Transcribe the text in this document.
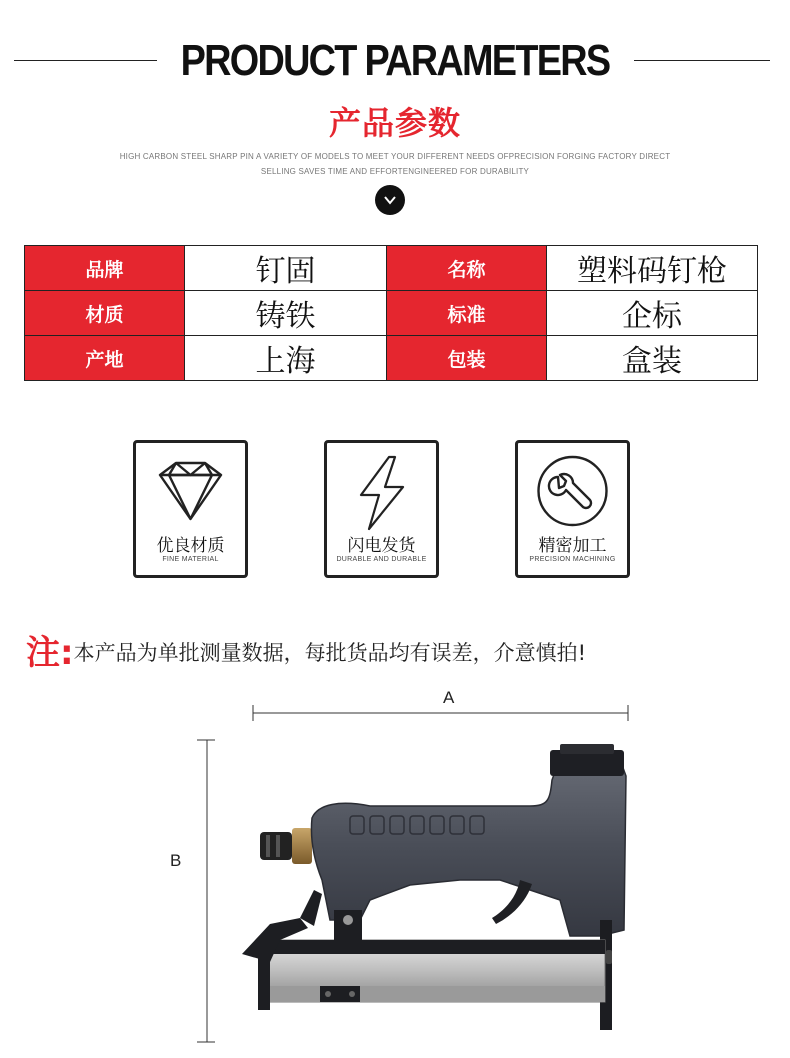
PRODUCT PARAMETERS
产品参数
HIGH CARBON STEEL SHARP PIN A VARIETY OF MODELS TO MEET YOUR DIFFERENT NEEDS OFPRECISION FORGING FACTORY DIRECT
SELLING SAVES TIME AND EFFORTENGINEERED FOR DURABILITY
品牌	钉固	名称	塑料码钉枪
材质	铸铁	标准	企标
产地	上海	包装	盒装
优良材质
FINE MATERIAL
闪电发货
DURABLE AND DURABLE
精密加工
PRECISION MACHINING
注:本产品为单批测量数据，每批货品均有误差，介意慎拍!
A
B
